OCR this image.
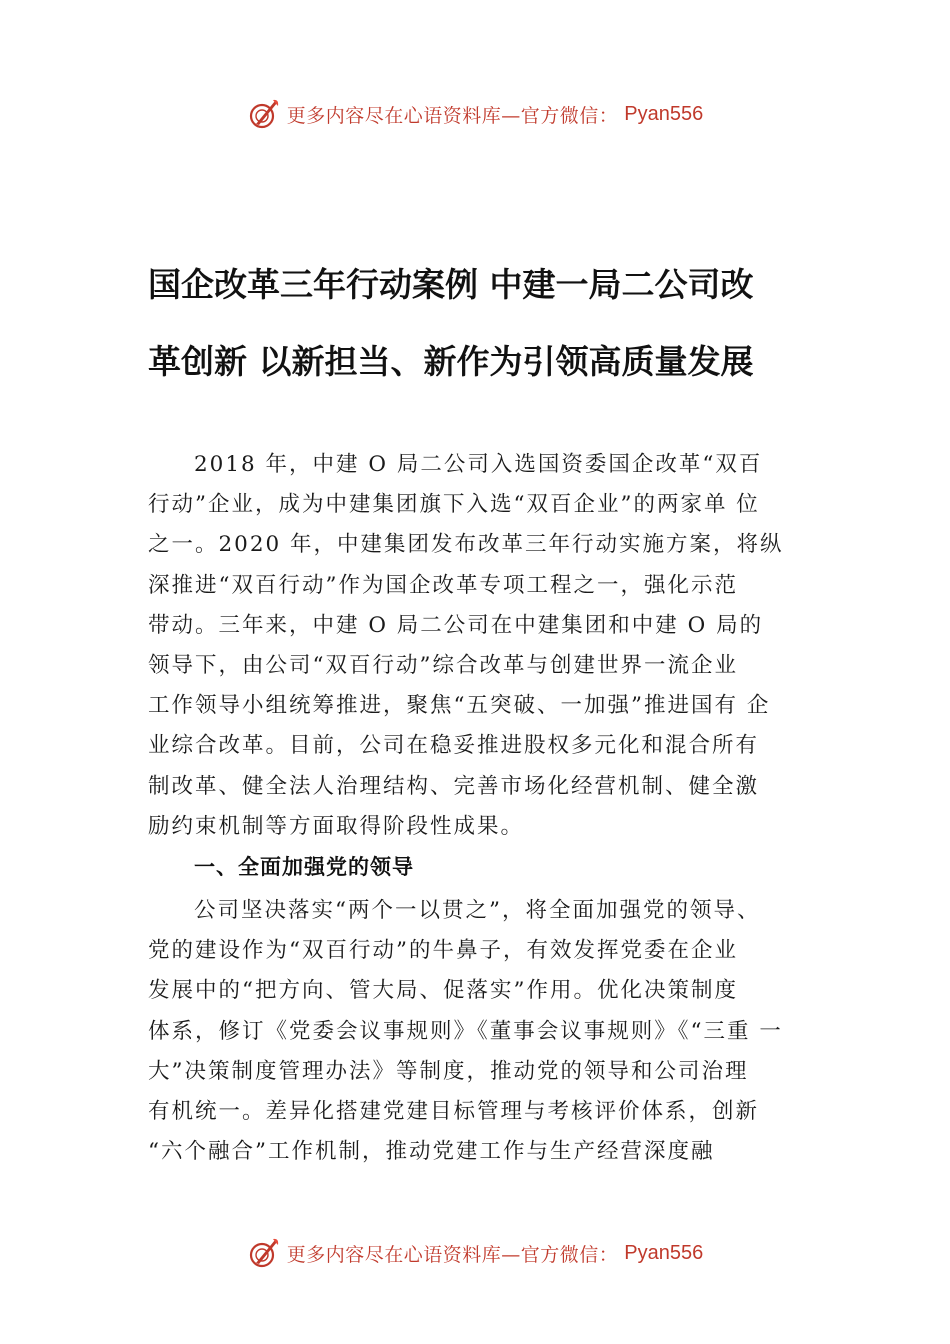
更多内容尽在心语资料库—官方微信： Pyan556
国企改革三年行动案例 中建一局二公司改
革创新 以新担当、新作为引领高质量发展
2018 年，中建 O 局二公司入选国资委国企改革“双百
行动”企业，成为中建集团旗下入选“双百企业”的两家单 位
之一。2020 年，中建集团发布改革三年行动实施方案，将纵
深推进“双百行动”作为国企改革专项工程之一，强化示范
带动。三年来，中建 O 局二公司在中建集团和中建 O 局的
领导下，由公司“双百行动”综合改革与创建世界一流企业
工作领导小组统筹推进，聚焦“五突破、一加强”推进国有 企
业综合改革。目前，公司在稳妥推进股权多元化和混合所有
制改革、健全法人治理结构、完善市场化经营机制、健全激
励约束机制等方面取得阶段性成果。
一、全面加强党的领导
公司坚决落实“两个一以贯之”，将全面加强党的领导、
党的建设作为“双百行动”的牛鼻子，有效发挥党委在企业
发展中的“把方向、管大局、促落实”作用。优化决策制度
体系，修订《党委会议事规则》《董事会议事规则》《“三重 一
大”决策制度管理办法》等制度，推动党的领导和公司治理
有机统一。差异化搭建党建目标管理与考核评价体系，创新
“六个融合”工作机制，推动党建工作与生产经营深度融
更多内容尽在心语资料库—官方微信： Pyan556
